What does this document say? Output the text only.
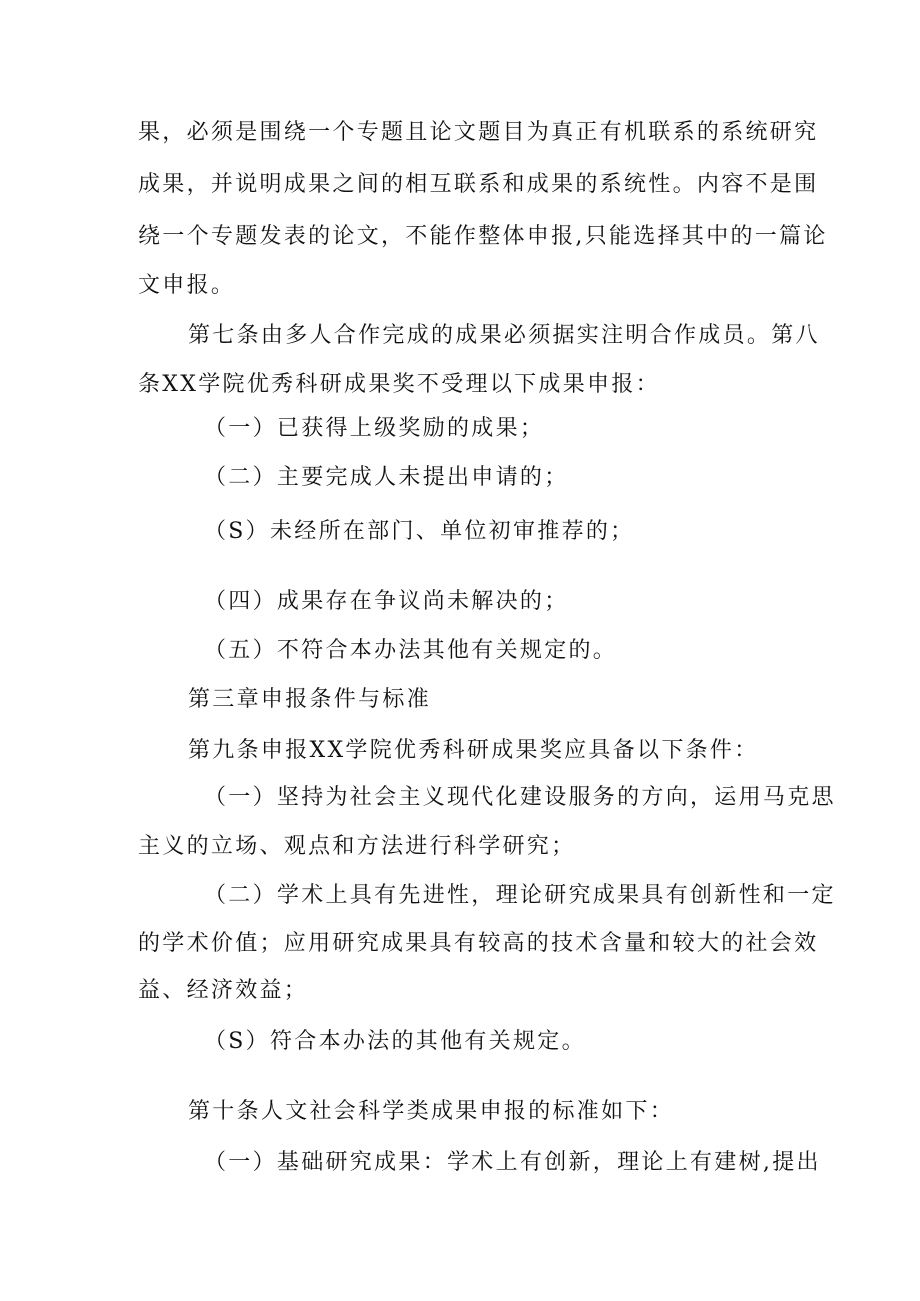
果，必须是围绕一个专题且论文题目为真正有机联系的系统研究
成果，并说明成果之间的相互联系和成果的系统性。内容不是围
绕一个专题发表的论文，不能作整体申报,只能选择其中的一篇论
文申报。
第七条由多人合作完成的成果必须据实注明合作成员。第八
条XX学院优秀科研成果奖不受理以下成果申报：
（一）已获得上级奖励的成果；
（二）主要完成人未提出申请的；
（S）未经所在部门、单位初审推荐的；
（四）成果存在争议尚未解决的；
（五）不符合本办法其他有关规定的。
第三章申报条件与标准
第九条申报XX学院优秀科研成果奖应具备以下条件：
（一）坚持为社会主义现代化建设服务的方向，运用马克思
主义的立场、观点和方法进行科学研究；
（二）学术上具有先进性，理论研究成果具有创新性和一定
的学术价值；应用研究成果具有较高的技术含量和较大的社会效
益、经济效益；
（S）符合本办法的其他有关规定。
第十条人文社会科学类成果申报的标准如下：
（一）基础研究成果：学术上有创新，理论上有建树,提出
